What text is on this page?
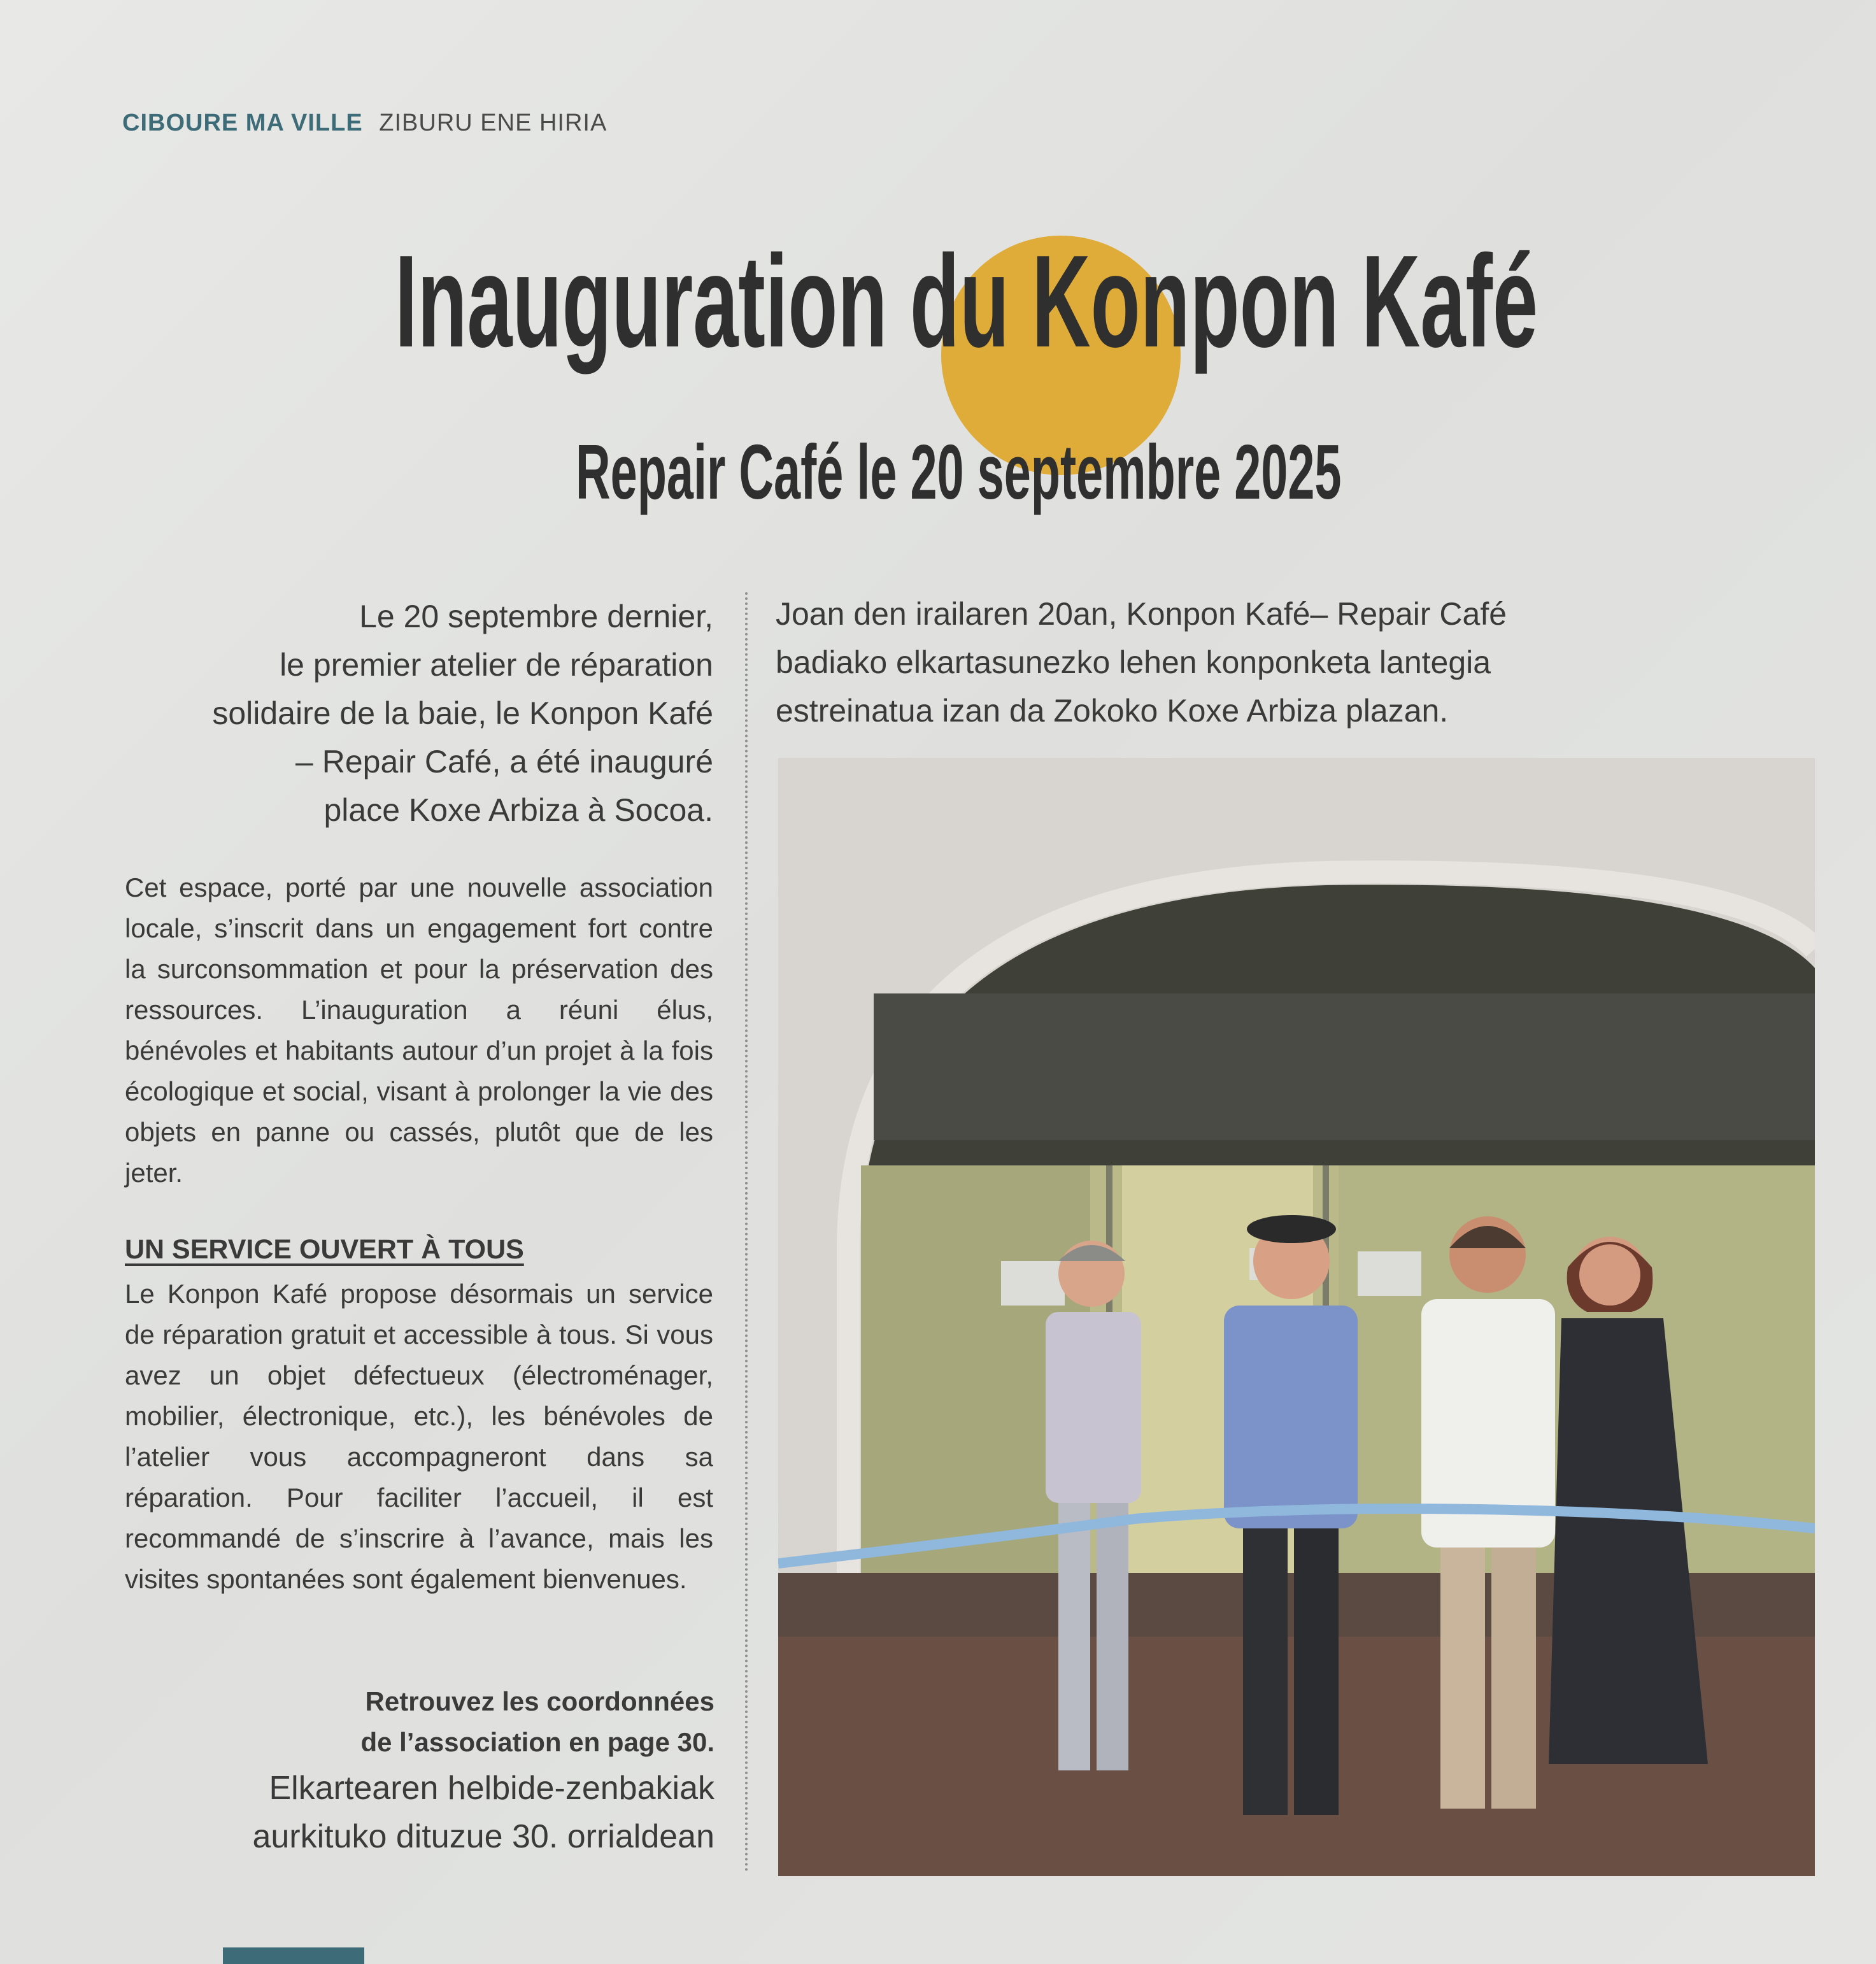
CIBOURE MA VILLE ZIBURU ENE HIRIA
Inauguration du Konpon Kafé
Repair Café le 20 septembre 2025
Le 20 septembre dernier,
le premier atelier de réparation
solidaire de la baie, le Konpon Kafé
– Repair Café, a été inauguré
place Koxe Arbiza à Socoa.
Cet espace, porté par une nouvelle association locale, s’inscrit dans un engagement fort contre la surconsommation et pour la préservation des ressources. L’inauguration a réuni élus, bénévoles et habitants autour d’un projet à la fois écologique et social, visant à prolonger la vie des objets en panne ou cassés, plutôt que de les jeter.
UN SERVICE OUVERT À TOUS
Le Konpon Kafé propose désormais un service de réparation gratuit et accessible à tous. Si vous avez un objet défectueux (électroménager, mobilier, électronique, etc.), les bénévoles de l’atelier vous accompagneront dans sa réparation. Pour faciliter l’accueil, il est recommandé de s’inscrire à l’avance, mais les visites spontanées sont également bienvenues.
Retrouvez les coordonnées
de l’association en page 30.
Elkartearen helbide-zenbakiak
aurkituko dituzue 30. orrialdean
Joan den irailaren 20an, Konpon Kafé– Repair Café
badiako elkartasunezko lehen konponketa lantegia
estreinatua izan da Zokoko Koxe Arbiza plazan.
